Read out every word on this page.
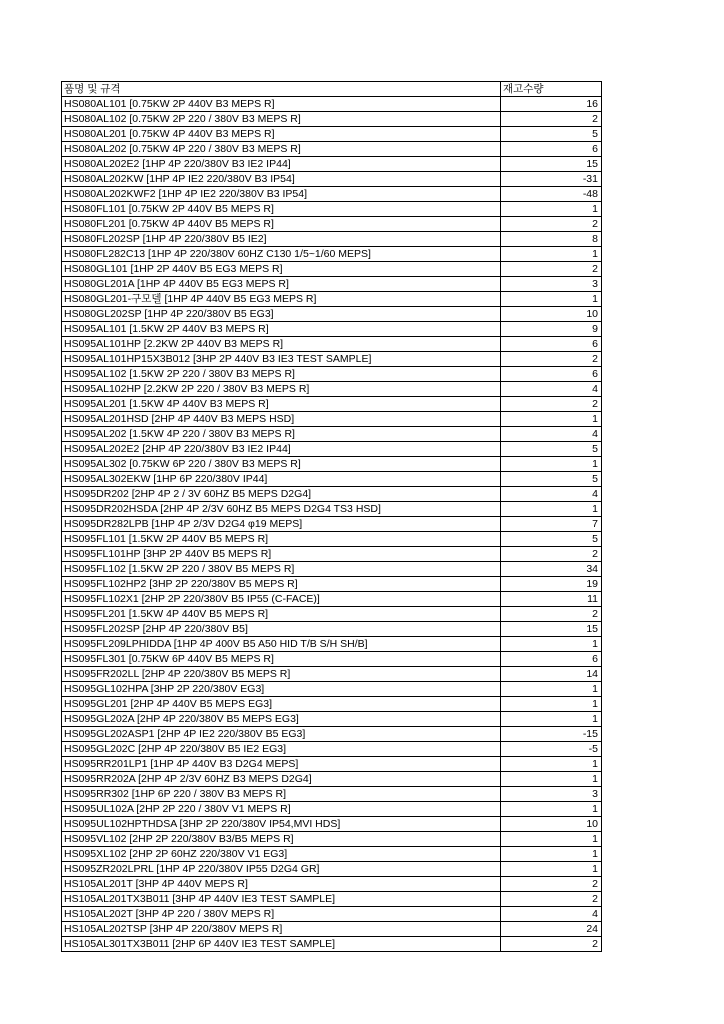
품명 및 규격	재고수량
HS080AL101 [0.75KW 2P 440V B3 MEPS R]	16
HS080AL102 [0.75KW 2P 220 / 380V B3 MEPS R]	2
HS080AL201 [0.75KW 4P 440V B3 MEPS R]	5
HS080AL202 [0.75KW 4P 220 / 380V B3 MEPS R]	6
HS080AL202E2 [1HP 4P 220/380V B3 IE2 IP44]	15
HS080AL202KW [1HP 4P IE2 220/380V B3 IP54]	-31
HS080AL202KWF2 [1HP 4P IE2 220/380V B3 IP54]	-48
HS080FL101 [0.75KW 2P 440V B5 MEPS R]	1
HS080FL201 [0.75KW 4P 440V B5 MEPS R]	2
HS080FL202SP [1HP 4P 220/380V B5 IE2]	8
HS080FL282C13 [1HP 4P 220/380V 60HZ C130 1/5~1/60 MEPS]	1
HS080GL101 [1HP 2P 440V B5 EG3 MEPS R]	2
HS080GL201A [1HP 4P 440V B5 EG3 MEPS R]	3
HS080GL201-구모델 [1HP 4P 440V B5 EG3 MEPS R]	1
HS080GL202SP [1HP 4P 220/380V B5 EG3]	10
HS095AL101 [1.5KW 2P 440V B3 MEPS R]	9
HS095AL101HP [2.2KW 2P 440V B3 MEPS R]	6
HS095AL101HP15X3B012 [3HP 2P 440V B3 IE3 TEST SAMPLE]	2
HS095AL102 [1.5KW 2P 220 / 380V B3 MEPS R]	6
HS095AL102HP [2.2KW 2P 220 / 380V B3 MEPS R]	4
HS095AL201 [1.5KW 4P 440V B3 MEPS R]	2
HS095AL201HSD [2HP 4P 440V B3 MEPS HSD]	1
HS095AL202 [1.5KW 4P 220 / 380V B3 MEPS R]	4
HS095AL202E2 [2HP 4P 220/380V B3 IE2 IP44]	5
HS095AL302 [0.75KW 6P 220 / 380V B3 MEPS R]	1
HS095AL302EKW [1HP 6P 220/380V IP44]	5
HS095DR202 [2HP 4P 2 / 3V 60HZ B5 MEPS D2G4]	4
HS095DR202HSDA [2HP 4P 2/3V 60HZ B5 MEPS D2G4 TS3 HSD]	1
HS095DR282LPB [1HP 4P 2/3V D2G4 φ19 MEPS]	7
HS095FL101 [1.5KW 2P 440V B5 MEPS R]	5
HS095FL101HP [3HP 2P 440V B5 MEPS R]	2
HS095FL102 [1.5KW 2P 220 / 380V B5 MEPS R]	34
HS095FL102HP2 [3HP 2P 220/380V B5 MEPS R]	19
HS095FL102X1 [2HP 2P 220/380V B5 IP55 (C-FACE)]	11
HS095FL201 [1.5KW 4P 440V B5 MEPS R]	2
HS095FL202SP [2HP 4P 220/380V B5]	15
HS095FL209LPHIDDA [1HP 4P 400V B5 A50 HID T/B S/H SH/B]	1
HS095FL301 [0.75KW 6P 440V B5 MEPS R]	6
HS095FR202LL [2HP 4P 220/380V B5 MEPS R]	14
HS095GL102HPA [3HP 2P 220/380V EG3]	1
HS095GL201 [2HP 4P 440V B5 MEPS EG3]	1
HS095GL202A [2HP 4P 220/380V B5 MEPS EG3]	1
HS095GL202ASP1 [2HP 4P IE2 220/380V B5 EG3]	-15
HS095GL202C [2HP 4P 220/380V B5 IE2 EG3]	-5
HS095RR201LP1 [1HP 4P 440V B3 D2G4 MEPS]	1
HS095RR202A [2HP 4P 2/3V 60HZ B3 MEPS D2G4]	1
HS095RR302 [1HP 6P 220 / 380V B3 MEPS R]	3
HS095UL102A [2HP 2P 220 / 380V V1 MEPS R]	1
HS095UL102HPTHDSA [3HP 2P 220/380V IP54,MVI HDS]	10
HS095VL102 [2HP 2P 220/380V B3/B5 MEPS R]	1
HS095XL102 [2HP 2P 60HZ 220/380V V1 EG3]	1
HS095ZR202LPRL [1HP 4P 220/380V IP55 D2G4 GR]	1
HS105AL201T [3HP 4P 440V MEPS R]	2
HS105AL201TX3B011 [3HP 4P 440V IE3 TEST SAMPLE]	2
HS105AL202T [3HP 4P 220 / 380V MEPS R]	4
HS105AL202TSP [3HP 4P 220/380V MEPS R]	24
HS105AL301TX3B011 [2HP 6P 440V IE3 TEST SAMPLE]	2
